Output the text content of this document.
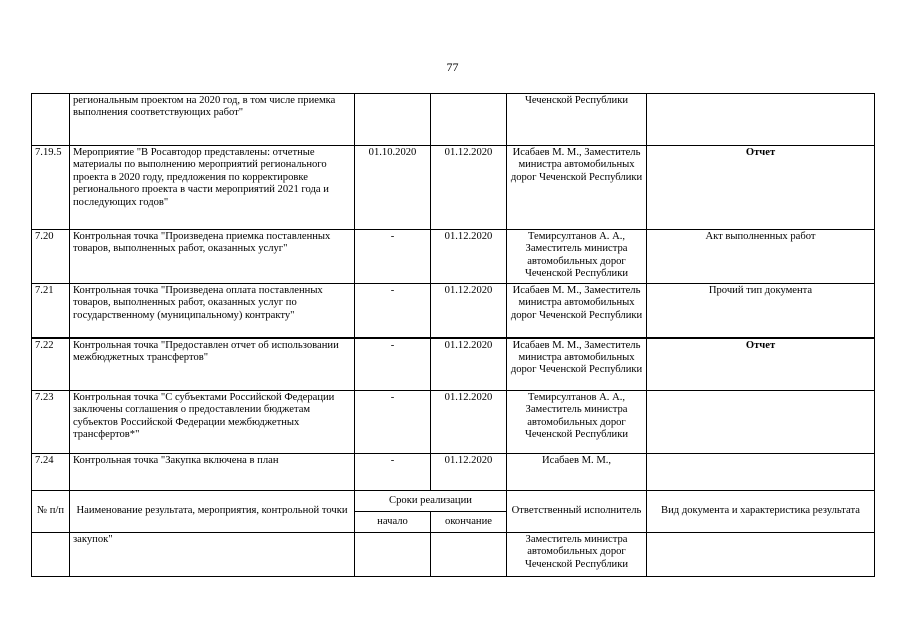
77
	региональным проектом на 2020 год, в том числе приемка выполнения соответствующих работ"			Чеченской Республики	
7.19.5	Мероприятие "В Росавтодор представлены: отчетные материалы по выполнению мероприятий регионального проекта в 2020 году, предложения по корректировке регионального проекта в части мероприятий 2021 года и последующих годов"	01.10.2020	01.12.2020	Исабаев М. М., Заместитель министра автомобильных дорог Чеченской Республики	Отчет
7.20	Контрольная точка "Произведена приемка поставленных товаров, выполненных работ, оказанных услуг"	-	01.12.2020	Темирсултанов А. А., Заместитель министра автомобильных дорог Чеченской Республики	Акт выполненных работ
7.21	Контрольная точка "Произведена оплата поставленных товаров, выполненных работ, оказанных услуг по государственному (муниципальному) контракту"	-	01.12.2020	Исабаев М. М., Заместитель министра автомобильных дорог Чеченской Республики	Прочий тип документа
7.22	Контрольная точка "Предоставлен отчет об использовании межбюджетных трансфертов"	-	01.12.2020	Исабаев М. М., Заместитель министра автомобильных дорог Чеченской Республики	Отчет
7.23	Контрольная точка "С субъектами Российской Федерации заключены соглашения о предоставлении бюджетам субъектов Российской Федерации межбюджетных трансфертов*"	-	01.12.2020	Темирсултанов А. А., Заместитель министра автомобильных дорог Чеченской Республики	
7.24	Контрольная точка "Закупка включена в план	-	01.12.2020	Исабаев М. М.,	
№ п/п	Наименование результата, мероприятия, контрольной точки	Сроки реализации		Ответственный исполнитель	Вид документа и характеристика результата
		начало	окончание		
	закупок"			Заместитель министра автомобильных дорог Чеченской Республики	
